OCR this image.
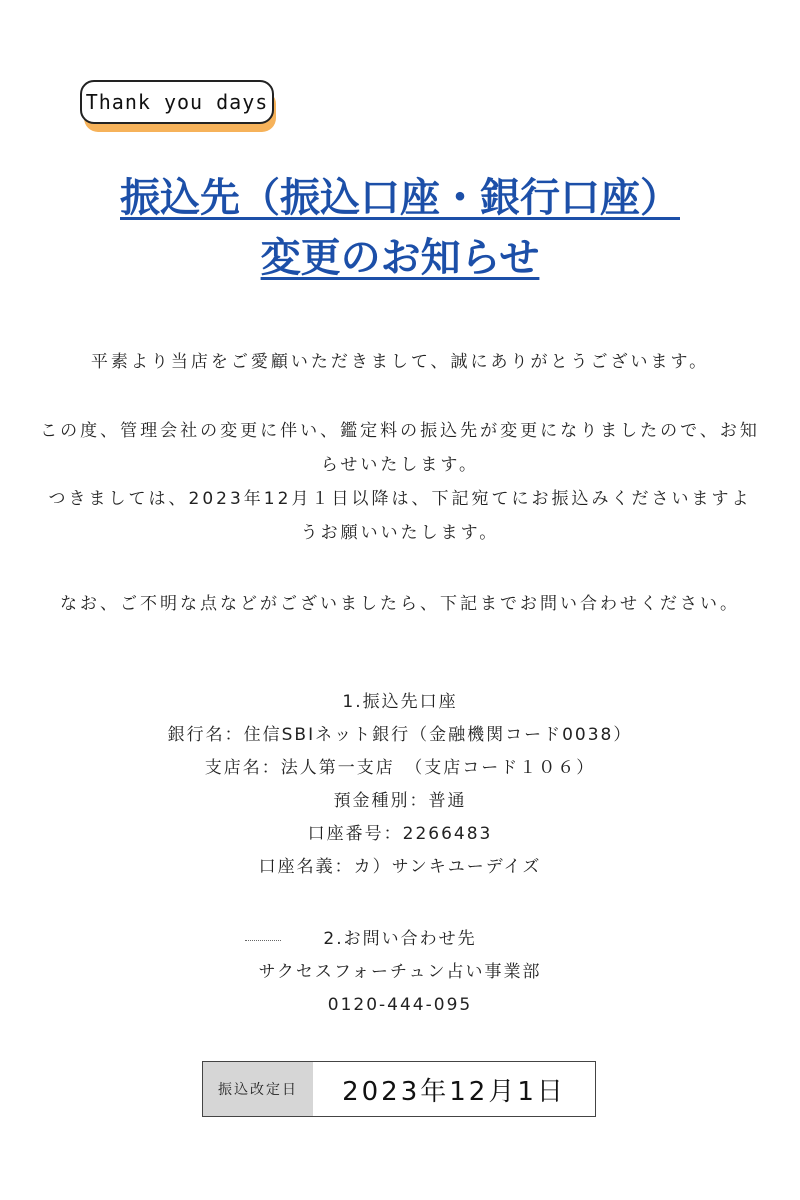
Thank you days
振込先（振込口座・銀行口座）
変更のお知らせ
平素より当店をご愛顧いただきまして、誠にありがとうございます。
この度、管理会社の変更に伴い、鑑定料の振込先が変更になりましたので、お知らせいたします。
つきましては、2023年12月１日以降は、下記宛てにお振込みくださいますようお願いいたします。
なお、ご不明な点などがございましたら、下記までお問い合わせください。
1.振込先口座
銀行名：住信SBIネット銀行（金融機関コード0038）
支店名：法人第一支店　（支店コード１０６）
預金種別：普通
口座番号：2266483
口座名義：カ）サンキユーデイズ
2.お問い合わせ先
サクセスフォーチュン占い事業部
0120-444-095
振込改定日	2023年12月1日
